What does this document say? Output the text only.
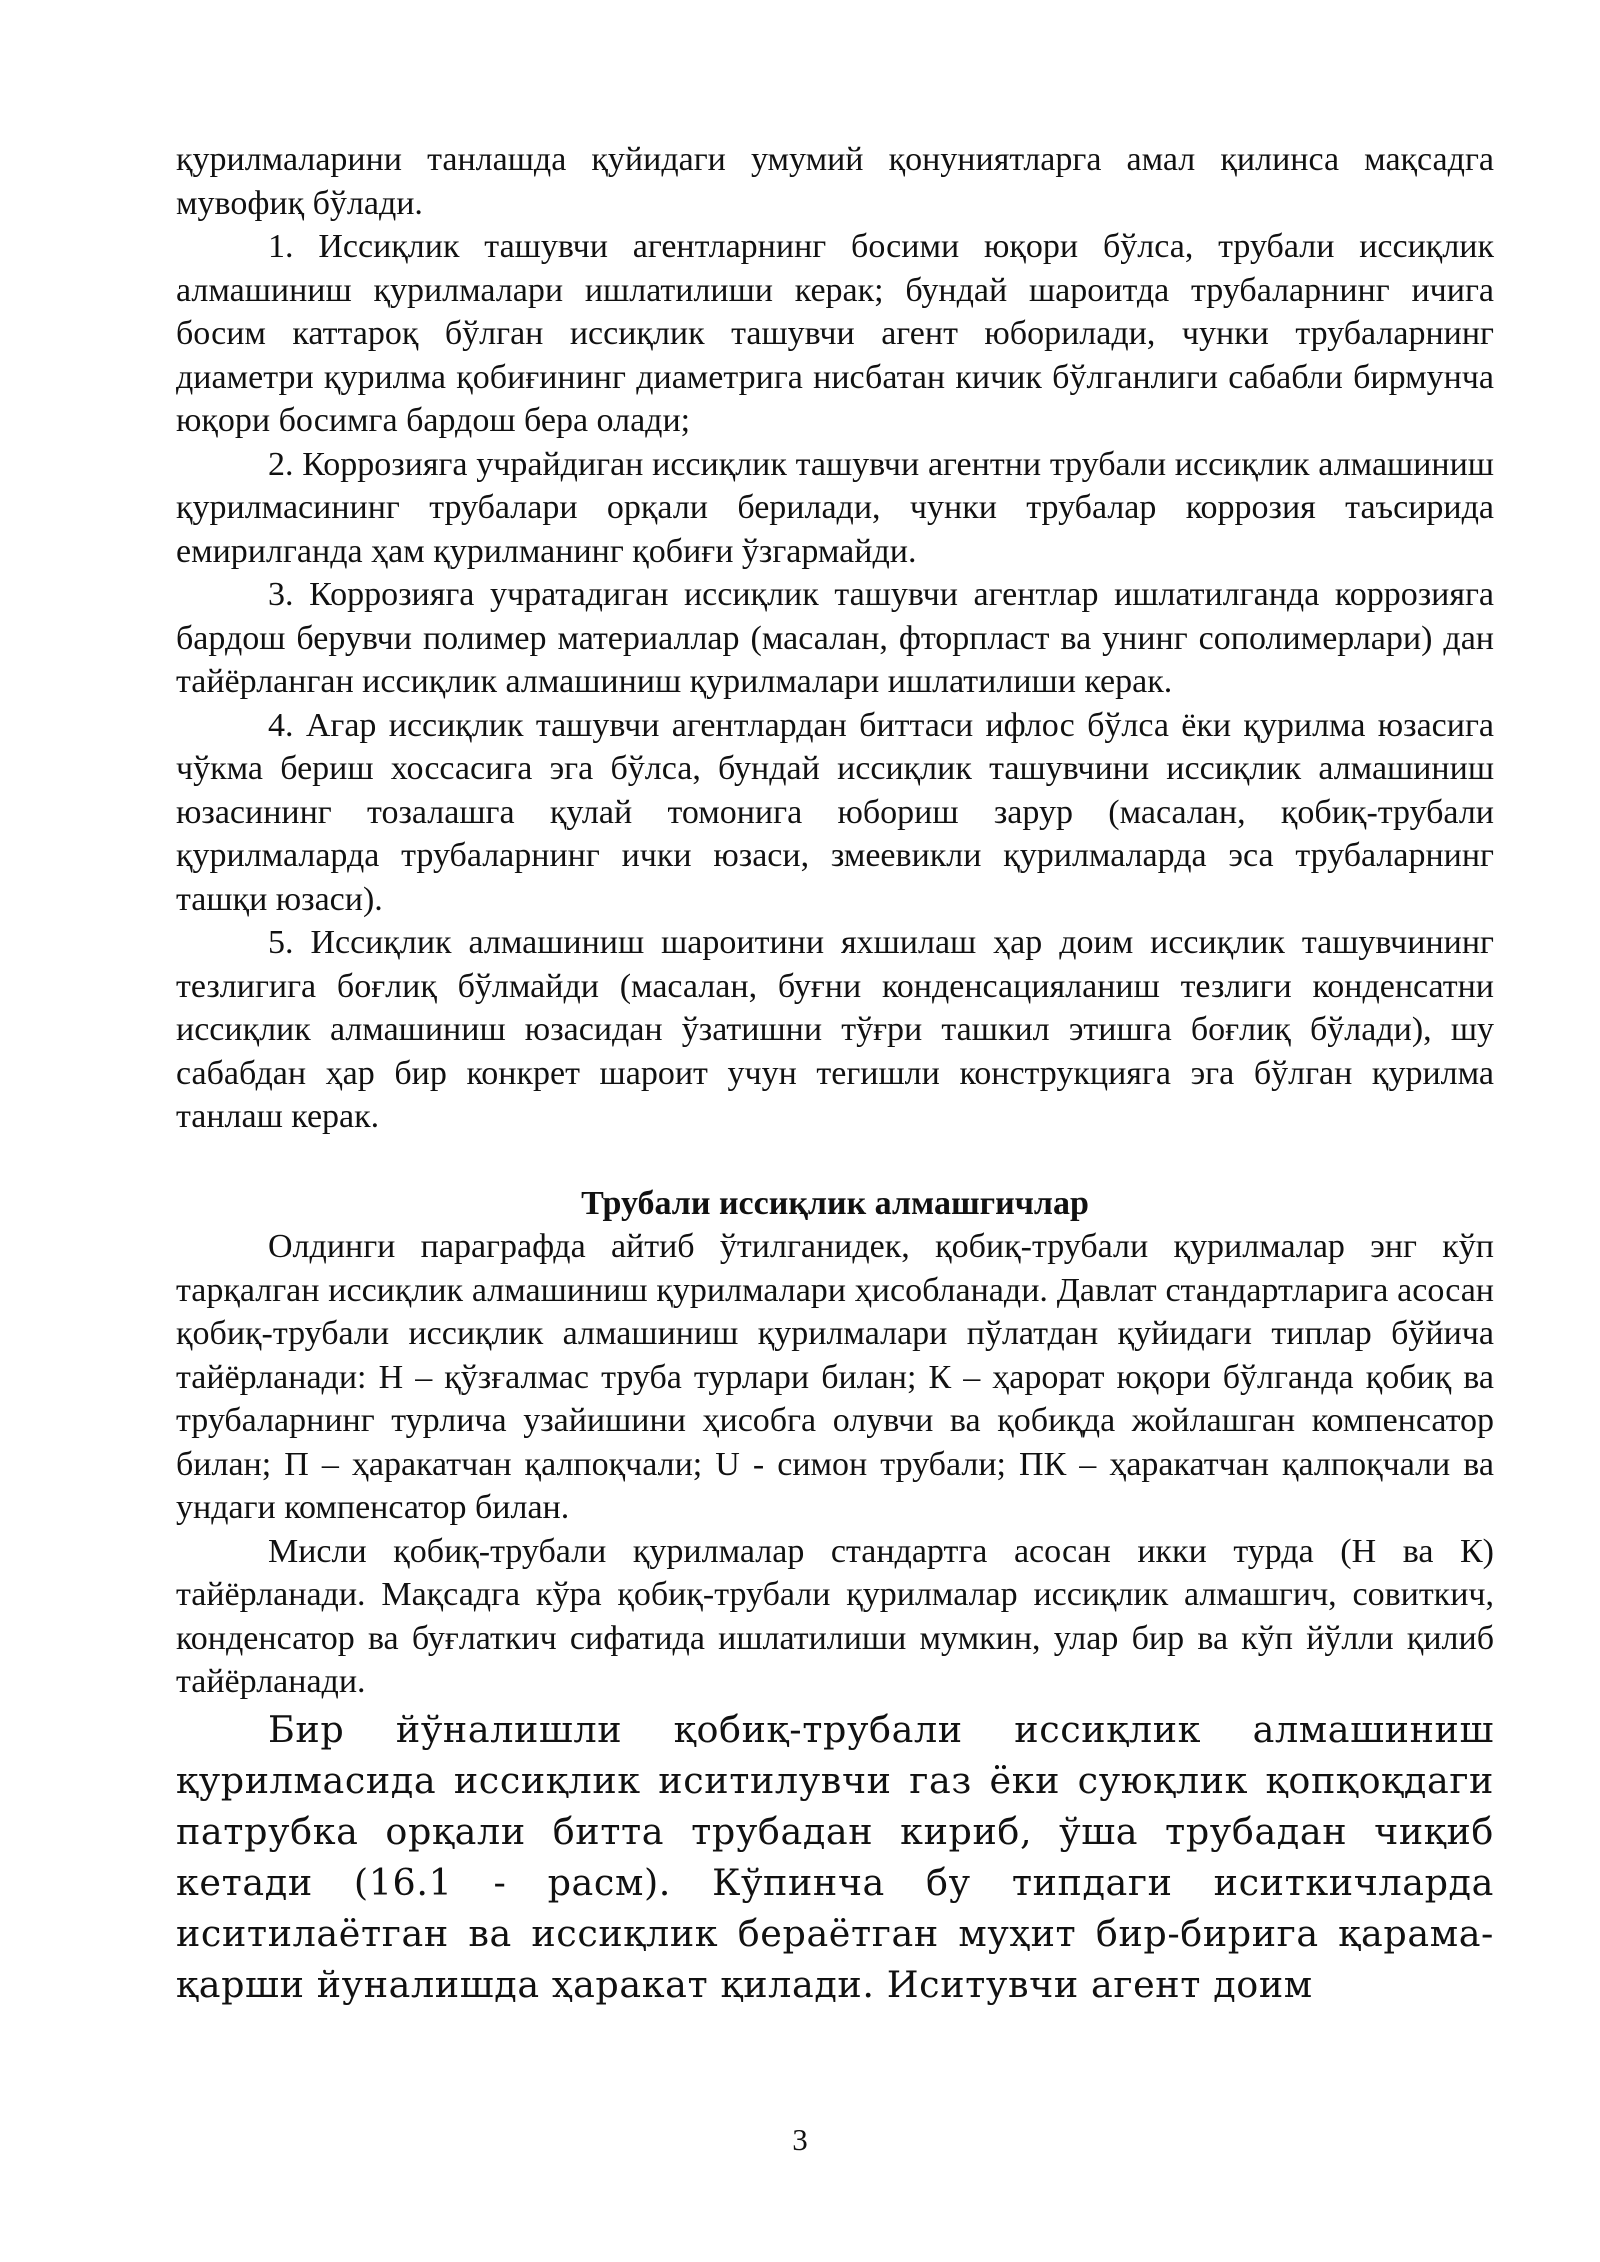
қурилмаларини танлашда қуйидаги умумий қонуниятларга амал қилинса мақсадга мувофиқ бўлади.

1. Иссиқлик ташувчи агентларнинг босими юқори бўлса, трубали иссиқлик алмашиниш қурилмалари ишлатилиши керак; бундай шароитда трубаларнинг ичига босим каттароқ бўлган иссиқлик ташувчи агент юборилади, чунки трубаларнинг диаметри қурилма қобиғининг диаметрига нисбатан кичик бўлганлиги сабабли бирмунча юқори босимга бардош бера олади;

2. Коррозияга учрайдиган иссиқлик ташувчи агентни трубали иссиқлик алмашиниш қурилмасининг трубалари орқали берилади, чунки трубалар коррозия таъсирида емирилганда ҳам қурилманинг қобиғи ўзгармайди.

3. Коррозияга учратадиган иссиқлик ташувчи агентлар ишлатилганда коррозияга бардош берувчи полимер материаллар (масалан, фторпласт ва унинг сополимерлари) дан тайёрланган иссиқлик алмашиниш қурилмалари ишлатилиши керак.

4. Агар иссиқлик ташувчи агентлардан биттаси ифлос бўлса ёки қурилма юзасига чўкма бериш хоссасига эга бўлса, бундай иссиқлик ташувчини иссиқлик алмашиниш юзасининг тозалашга қулай томонига юбориш зарур (масалан, қобиқ-трубали қурилмаларда трубаларнинг ички юзаси, змеевикли қурилмаларда эса трубаларнинг ташқи юзаси).

5. Иссиқлик алмашиниш шароитини яхшилаш ҳар доим иссиқлик ташувчининг тезлигига боғлиқ бўлмайди (масалан, буғни конденсацияланиш тезлиги конденсатни иссиқлик алмашиниш юзасидан ўзатишни тўғри ташкил этишга боғлиқ бўлади), шу сабабдан ҳар бир конкрет шароит учун тегишли конструкцияга эга бўлган қурилма танлаш керак.

Трубали иссиқлик алмашгичлар

Олдинги параграфда айтиб ўтилганидек, қобиқ-трубали қурилмалар энг кўп тарқалган иссиқлик алмашиниш қурилмалари ҳисобланади. Давлат стандартларига асосан қобиқ-трубали иссиқлик алмашиниш қурилмалари пўлатдан қуйидаги типлар бўйича тайёрланади: Н – қўзғалмас труба турлари билан; К – ҳарорат юқори бўлганда қобиқ ва трубаларнинг турлича узайишини ҳисобга олувчи ва қобиқда жойлашган компенсатор билан; П – ҳаракатчан қалпоқчали; U - симон трубали; ПК – ҳаракатчан қалпоқчали ва ундаги компенсатор билан.

Мисли қобиқ-трубали қурилмалар стандартга асосан икки турда (Н ва К) тайёрланади. Мақсадга кўра қобиқ-трубали қурилмалар иссиқлик алмашгич, совиткич, конденсатор ва буғлаткич сифатида ишлатилиши мумкин, улар бир ва кўп йўлли қилиб тайёрланади.

Бир йўналишли қобиқ-трубали иссиқлик алмашиниш қурилмасида иссиқлик иситилувчи газ ёки суюқлик қопқоқдаги патрубка орқали битта трубадан кириб, ўша трубадан чиқиб кетади (16.1 - расм). Кўпинча бу типдаги иситкичларда иситилаётган ва иссиқлик бераётган муҳит бир-бирига қарама-қарши йуналишда ҳаракат қилади. Иситувчи агент доим

3
